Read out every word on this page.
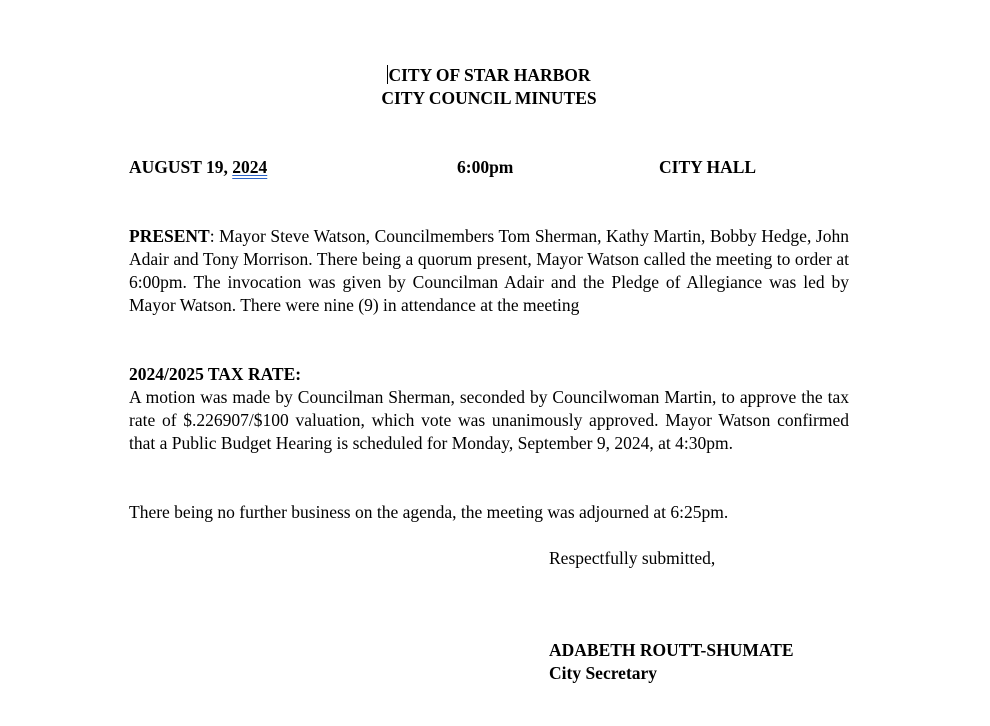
CITY OF STAR HARBOR
CITY COUNCIL MINUTES
AUGUST 19, 2024	6:00pm	CITY HALL
PRESENT: Mayor Steve Watson, Councilmembers Tom Sherman, Kathy Martin, Bobby Hedge, John Adair and Tony Morrison. There being a quorum present, Mayor Watson called the meeting to order at 6:00pm. The invocation was given by Councilman Adair and the Pledge of Allegiance was led by Mayor Watson. There were nine (9) in attendance at the meeting
2024/2025 TAX RATE:
A motion was made by Councilman Sherman, seconded by Councilwoman Martin, to approve the tax rate of $.226907/$100 valuation, which vote was unanimously approved. Mayor Watson confirmed that a Public Budget Hearing is scheduled for Monday, September 9, 2024, at 4:30pm.
There being no further business on the agenda, the meeting was adjourned at 6:25pm.
Respectfully submitted,
ADABETH ROUTT-SHUMATE
City Secretary
